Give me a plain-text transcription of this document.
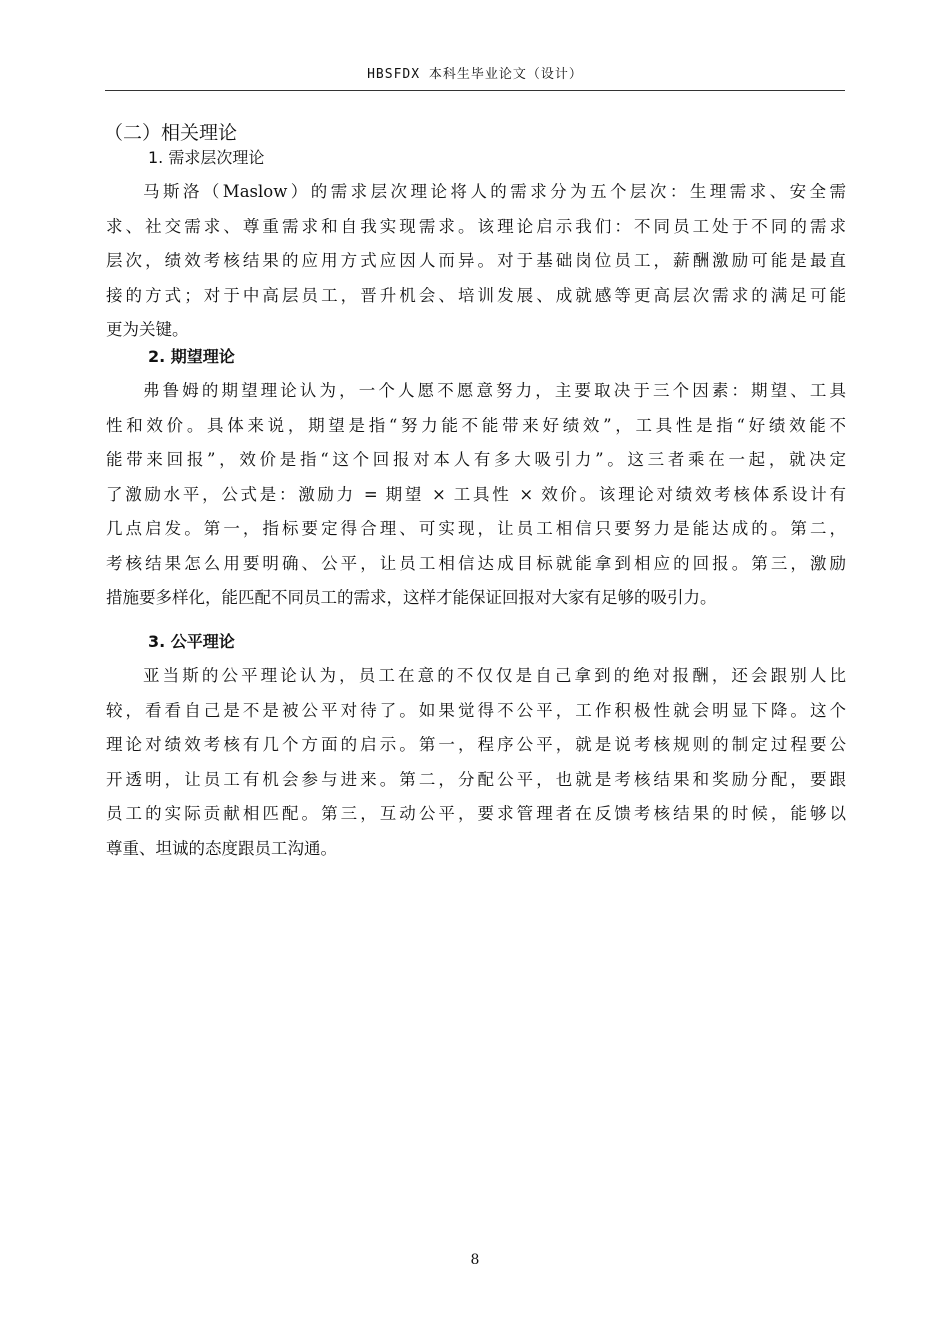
HBSFDX 本科生毕业论文（设计）
（二）相关理论
1. 需求层次理论
马斯洛（Maslow）的需求层次理论将人的需求分为五个层次：生理需求、安全需
求、社交需求、尊重需求和自我实现需求。该理论启示我们：不同员工处于不同的需求
层次，绩效考核结果的应用方式应因人而异。对于基础岗位员工，薪酬激励可能是最直
接的方式；对于中高层员工，晋升机会、培训发展、成就感等更高层次需求的满足可能
更为关键。
2. 期望理论
弗鲁姆的期望理论认为，一个人愿不愿意努力，主要取决于三个因素：期望、工具
性和效价。具体来说，期望是指“努力能不能带来好绩效”，工具性是指“好绩效能不
能带来回报”，效价是指“这个回报对本人有多大吸引力”。这三者乘在一起，就决定
了激励水平，公式是：激励力 = 期望 × 工具性 × 效价。该理论对绩效考核体系设计有
几点启发。第一，指标要定得合理、可实现，让员工相信只要努力是能达成的。第二，
考核结果怎么用要明确、公平，让员工相信达成目标就能拿到相应的回报。第三，激励
措施要多样化，能匹配不同员工的需求，这样才能保证回报对大家有足够的吸引力。
3. 公平理论
亚当斯的公平理论认为，员工在意的不仅仅是自己拿到的绝对报酬，还会跟别人比
较，看看自己是不是被公平对待了。如果觉得不公平，工作积极性就会明显下降。这个
理论对绩效考核有几个方面的启示。第一，程序公平，就是说考核规则的制定过程要公
开透明，让员工有机会参与进来。第二，分配公平，也就是考核结果和奖励分配，要跟
员工的实际贡献相匹配。第三，互动公平，要求管理者在反馈考核结果的时候，能够以
尊重、坦诚的态度跟员工沟通。
8
